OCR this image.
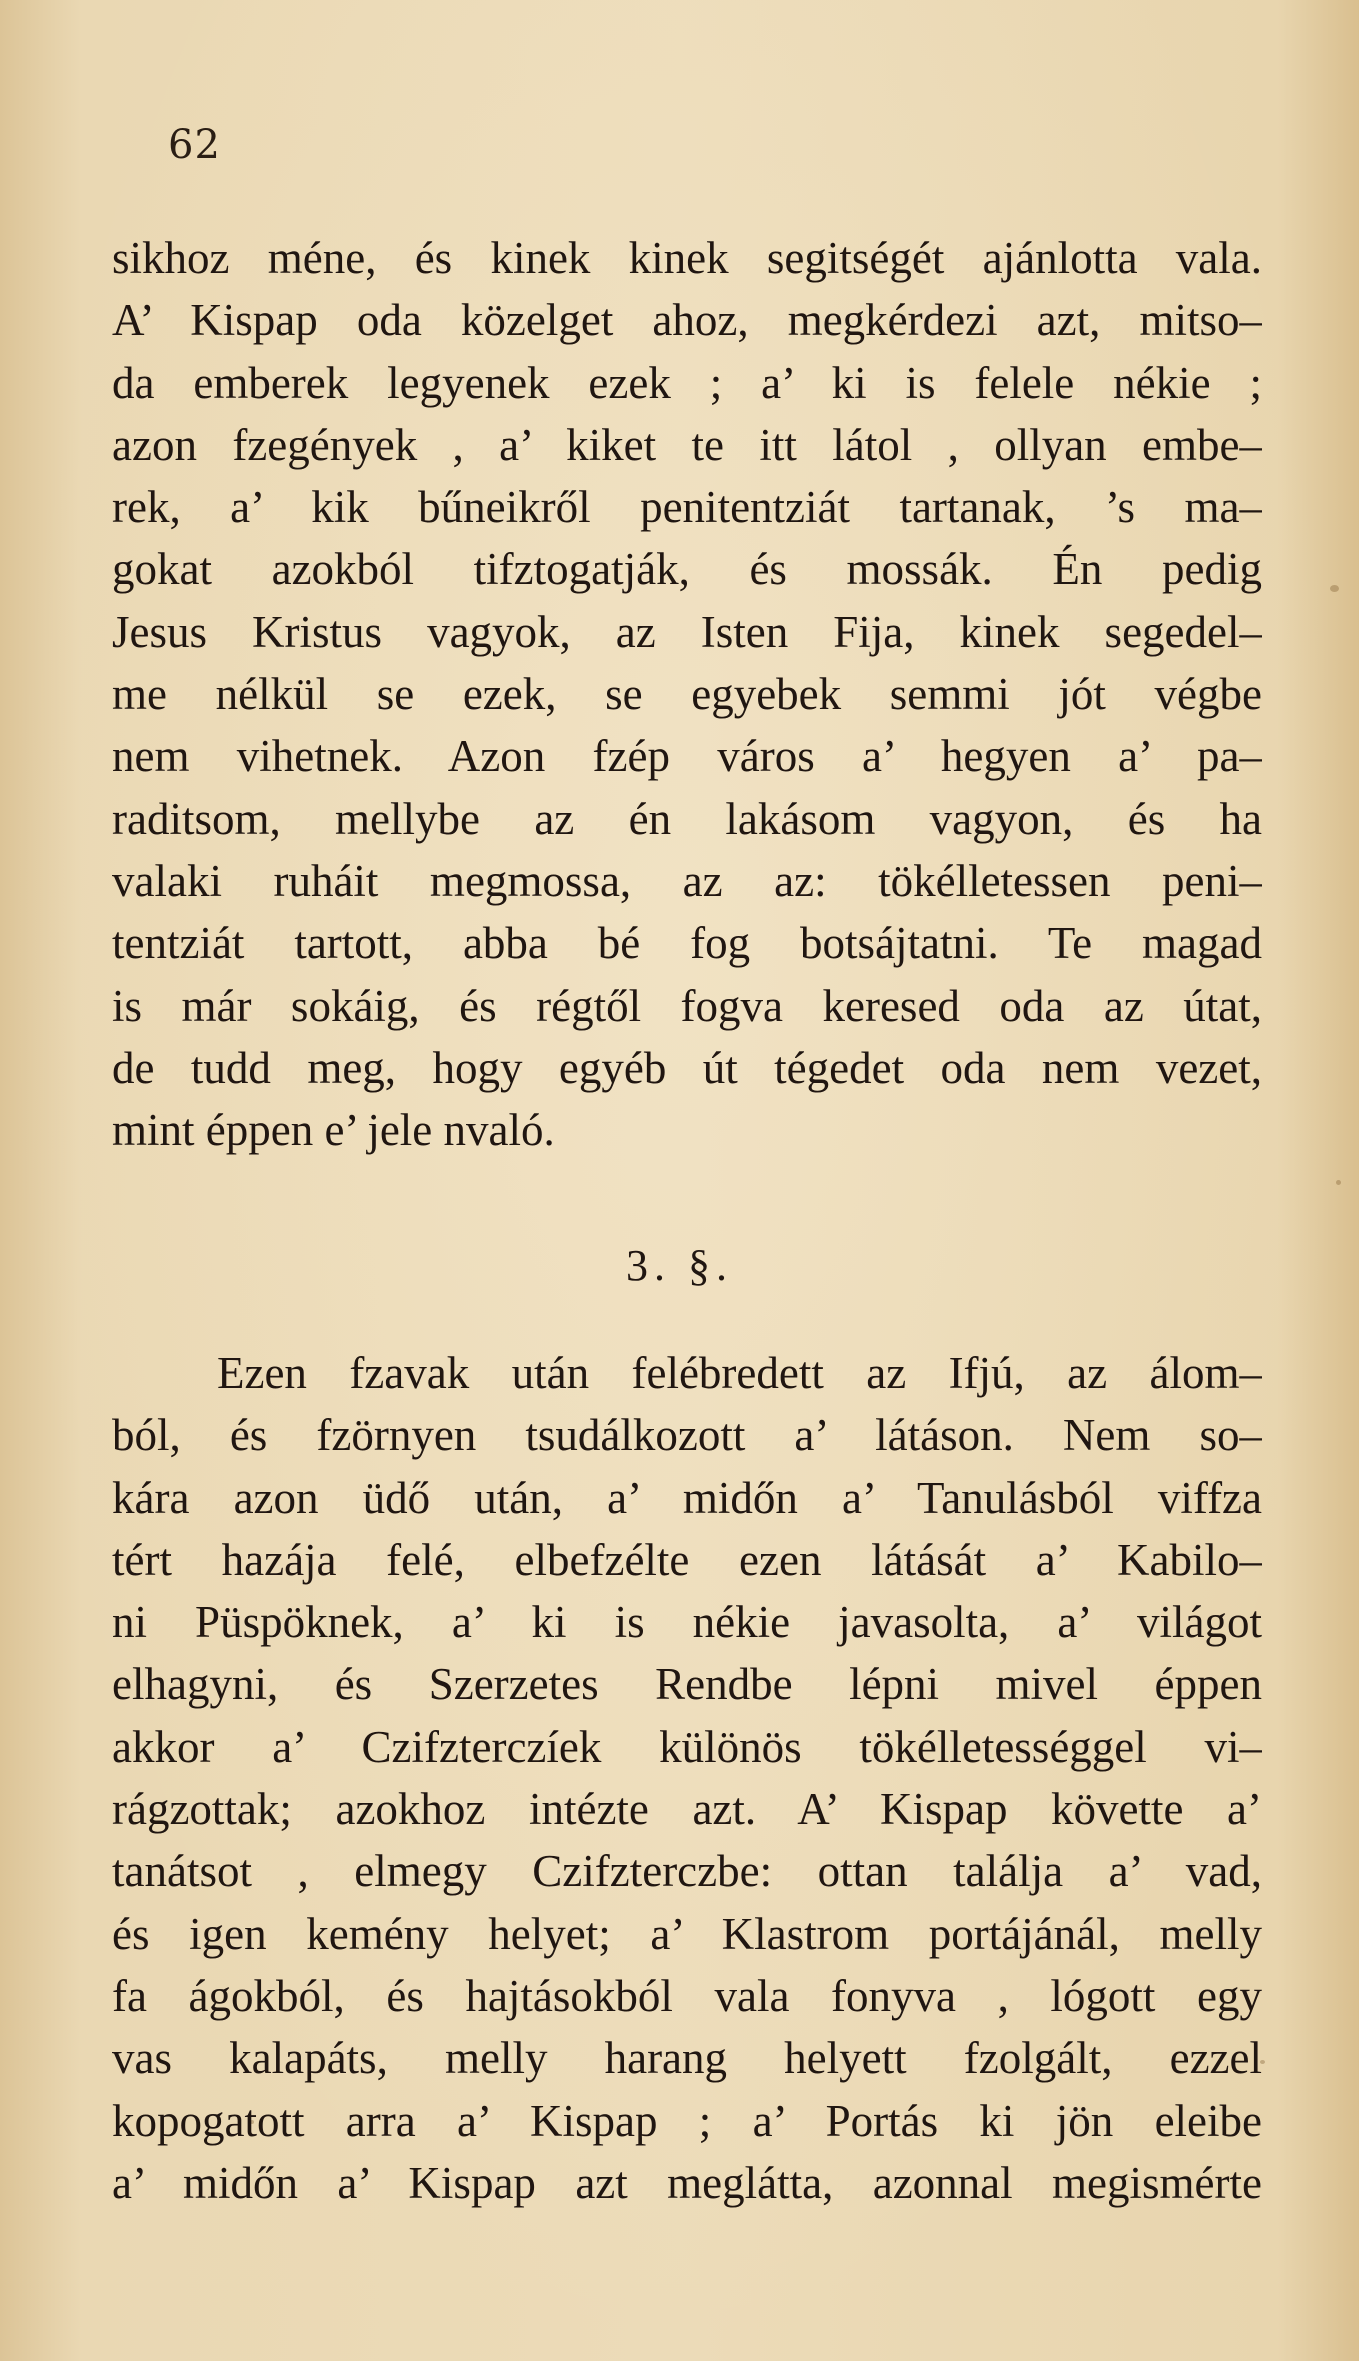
62
sikhoz méne, és kinek kinek segitségét ajánlotta vala.
A’ Kispap oda közelget ahoz, megkérdezi azt, mitso–
da emberek legyenek ezek ; a’ ki is felele nékie ;
azon fzegények , a’ kiket te itt látol , ollyan embe–
rek, a’ kik bűneikről penitentziát tartanak, ’s ma–
gokat azokból tifztogatják, és mossák. Én pedig
Jesus Kristus vagyok, az Isten Fija, kinek segedel–
me nélkül se ezek, se egyebek semmi jót végbe
nem vihetnek. Azon fzép város a’ hegyen a’ pa–
raditsom, mellybe az én lakásom vagyon, és ha
valaki ruháit megmossa, az az: tökélletessen peni–
tentziát tartott, abba bé fog botsájtatni. Te magad
is már sokáig, és régtől fogva keresed oda az útat,
de tudd meg, hogy egyéb út tégedet oda nem vezet,
mint éppen e’ jele nvaló.
3. §.
Ezen fzavak után felébredett az Ifjú, az álom–
ból, és fzörnyen tsudálkozott a’ látáson. Nem so–
kára azon üdő után, a’ midőn a’ Tanulásból viffza
tért hazája felé, elbefzélte ezen látását a’ Kabilo–
ni Püspöknek, a’ ki is nékie javasolta, a’ világot
elhagyni, és Szerzetes Rendbe lépni mivel éppen
akkor a’ Czifzterczíek különös tökélletességgel vi–
rágzottak; azokhoz intézte azt. A’ Kispap követte a’
tanátsot , elmegy Czifzterczbe: ottan találja a’ vad,
és igen kemény helyet; a’ Klastrom portájánál, melly
fa ágokból, és hajtásokból vala fonyva , lógott egy
vas kalapáts, melly harang helyett fzolgált, ezzel
kopogatott arra a’ Kispap ; a’ Portás ki jön eleibe
a’ midőn a’ Kispap azt meglátta, azonnal megismérte
